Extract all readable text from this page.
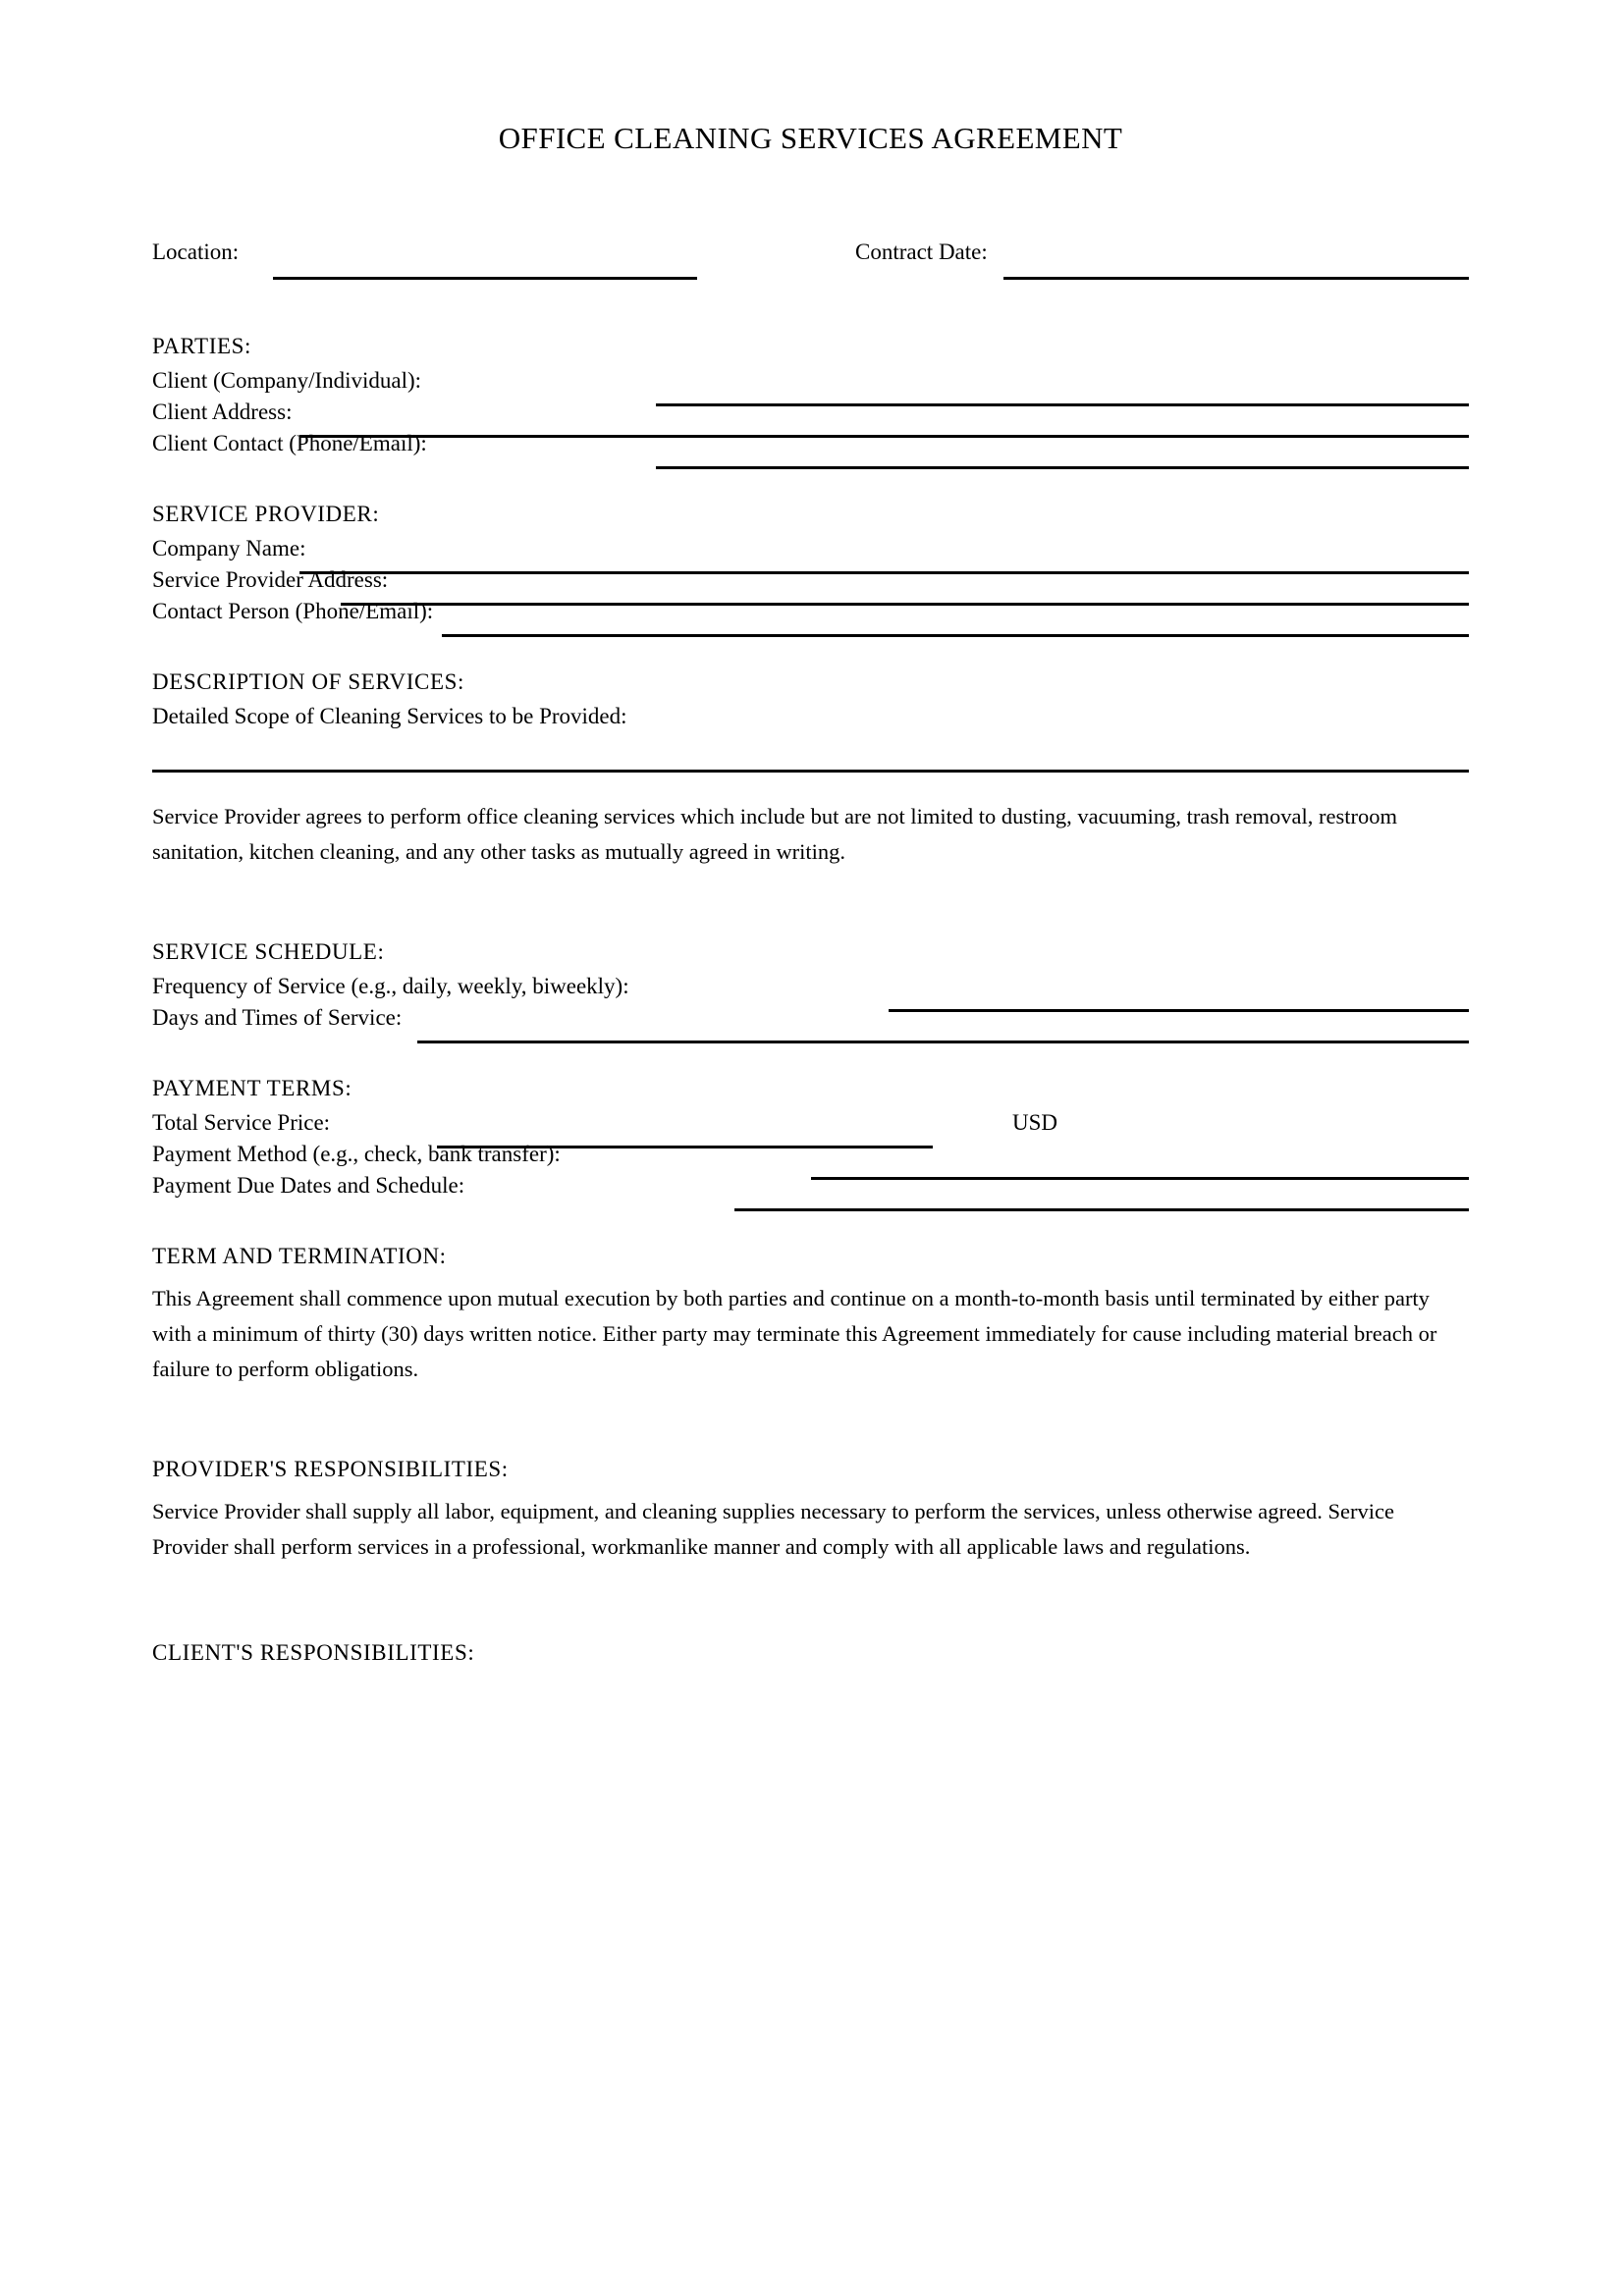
OFFICE CLEANING SERVICES AGREEMENT
Location:	Contract Date:
PARTIES:
Client (Company/Individual):
Client Address:
Client Contact (Phone/Email):
SERVICE PROVIDER:
Company Name:
Service Provider Address:
Contact Person (Phone/Email):
DESCRIPTION OF SERVICES:
Detailed Scope of Cleaning Services to be Provided:
Service Provider agrees to perform office cleaning services which include but are not limited to dusting, vacuuming, trash removal, restroom sanitation, kitchen cleaning, and any other tasks as mutually agreed in writing.
SERVICE SCHEDULE:
Frequency of Service (e.g., daily, weekly, biweekly):
Days and Times of Service:
PAYMENT TERMS:
Total Service Price:	USD
Payment Method (e.g., check, bank transfer):
Payment Due Dates and Schedule:
TERM AND TERMINATION:
This Agreement shall commence upon mutual execution by both parties and continue on a month-to-month basis until terminated by either party with a minimum of thirty (30) days written notice. Either party may terminate this Agreement immediately for cause including material breach or failure to perform obligations.
PROVIDER'S RESPONSIBILITIES:
Service Provider shall supply all labor, equipment, and cleaning supplies necessary to perform the services, unless otherwise agreed. Service Provider shall perform services in a professional, workmanlike manner and comply with all applicable laws and regulations.
CLIENT'S RESPONSIBILITIES:
